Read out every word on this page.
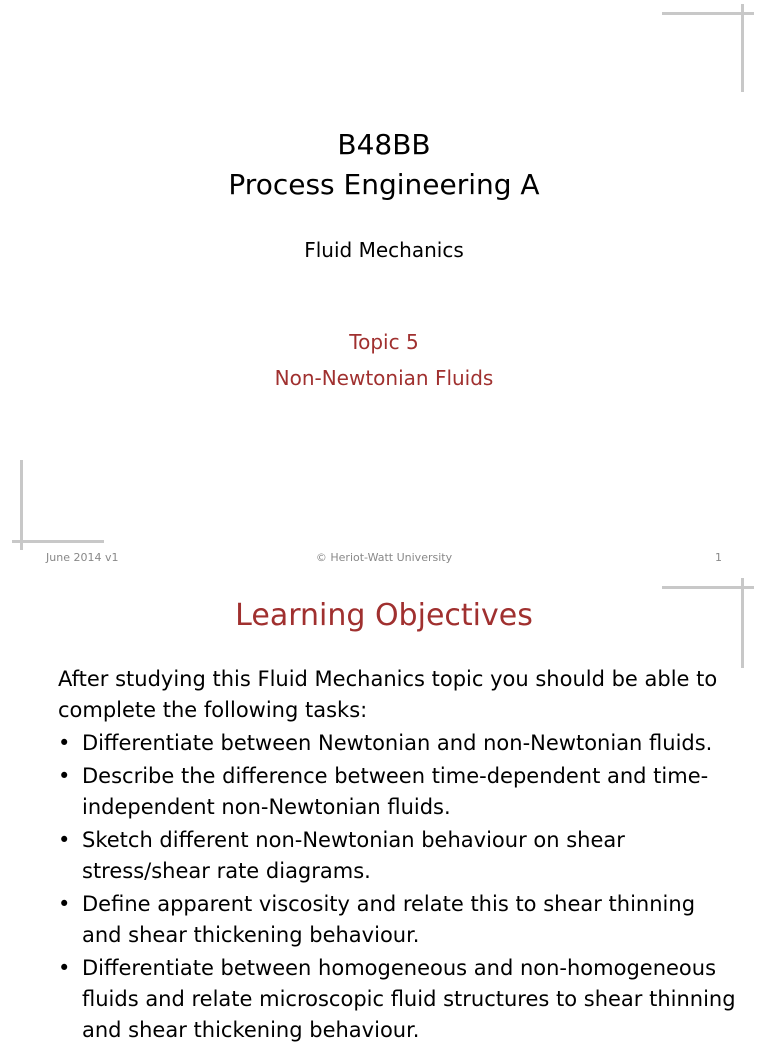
B48BB
Process Engineering A
Fluid Mechanics
Topic 5
Non-Newtonian Fluids
June 2014 v1	© Heriot-Watt University	1
Learning Objectives
After studying this Fluid Mechanics topic you should be able to complete the following tasks:
• Differentiate between Newtonian and non-Newtonian fluids.
• Describe the difference between time-dependent and time-independent non-Newtonian fluids.
• Sketch different non-Newtonian behaviour on shear stress/shear rate diagrams.
• Define apparent viscosity and relate this to shear thinning and shear thickening behaviour.
• Differentiate between homogeneous and non-homogeneous fluids and relate microscopic fluid structures to shear thinning and shear thickening behaviour.
